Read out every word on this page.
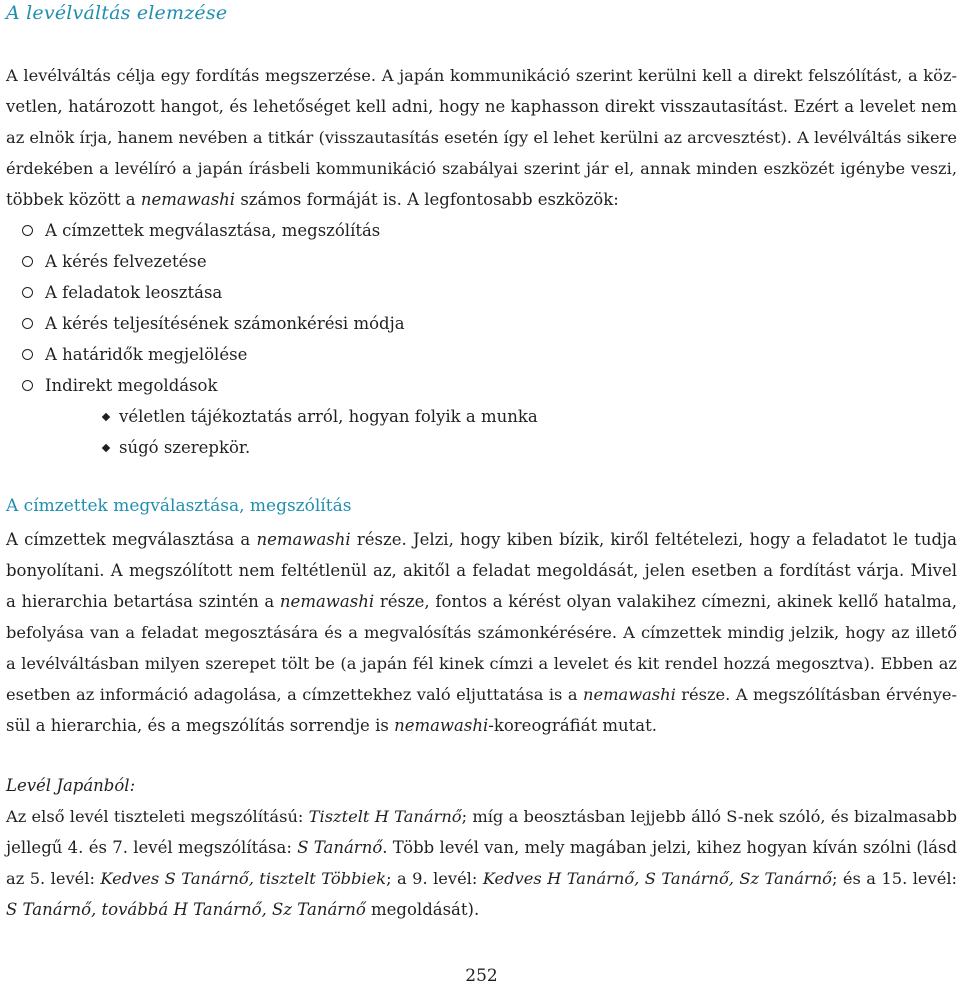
A levélváltás elemzése
A levélváltás célja egy fordítás megszerzése. A japán kommunikáció szerint kerülni kell a direkt felszólítást, a köz-
vetlen, határozott hangot, és lehetőséget kell adni, hogy ne kaphasson direkt visszautasítást. Ezért a levelet nem
az elnök írja, hanem nevében a titkár (visszautasítás esetén így el lehet kerülni az arcvesztést). A levélváltás sikere
érdekében a levélíró a japán írásbeli kommunikáció szabályai szerint jár el, annak minden eszközét igénybe veszi,
többek között a nemawashi számos formáját is. A legfontosabb eszközök:
A címzettek megválasztása, megszólítás
A kérés felvezetése
A feladatok leosztása
A kérés teljesítésének számonkérési módja
A határidők megjelölése
Indirekt megoldások
véletlen tájékoztatás arról, hogyan folyik a munka
súgó szerepkör.
A címzettek megválasztása, megszólítás
A címzettek megválasztása a nemawashi része. Jelzi, hogy kiben bízik, kiről feltételezi, hogy a feladatot le tudja
bonyolítani. A megszólított nem feltétlenül az, akitől a feladat megoldását, jelen esetben a fordítást várja. Mivel
a hierarchia betartása szintén a nemawashi része, fontos a kérést olyan valakihez címezni, akinek kellő hatalma,
befolyása van a feladat megosztására és a megvalósítás számonkérésére. A címzettek mindig jelzik, hogy az illető
a levélváltásban milyen szerepet tölt be (a japán fél kinek címzi a levelet és kit rendel hozzá megosztva). Ebben az
esetben az információ adagolása, a címzettekhez való eljuttatása is a nemawashi része. A megszólításban érvénye-
sül a hierarchia, és a megszólítás sorrendje is nemawashi-koreográfiát mutat.
Levél Japánból:
Az első levél tiszteleti megszólítású: Tisztelt H Tanárnő; míg a beosztásban lejjebb álló S-nek szóló, és bizalmasabb
jellegű 4. és 7. levél megszólítása: S Tanárnő. Több levél van, mely magában jelzi, kihez hogyan kíván szólni (lásd
az 5. levél: Kedves S Tanárnő, tisztelt Többiek; a 9. levél: Kedves H Tanárnő, S Tanárnő, Sz Tanárnő; és a 15. levél:
S Tanárnő, továbbá H Tanárnő, Sz Tanárnő megoldását).
252
